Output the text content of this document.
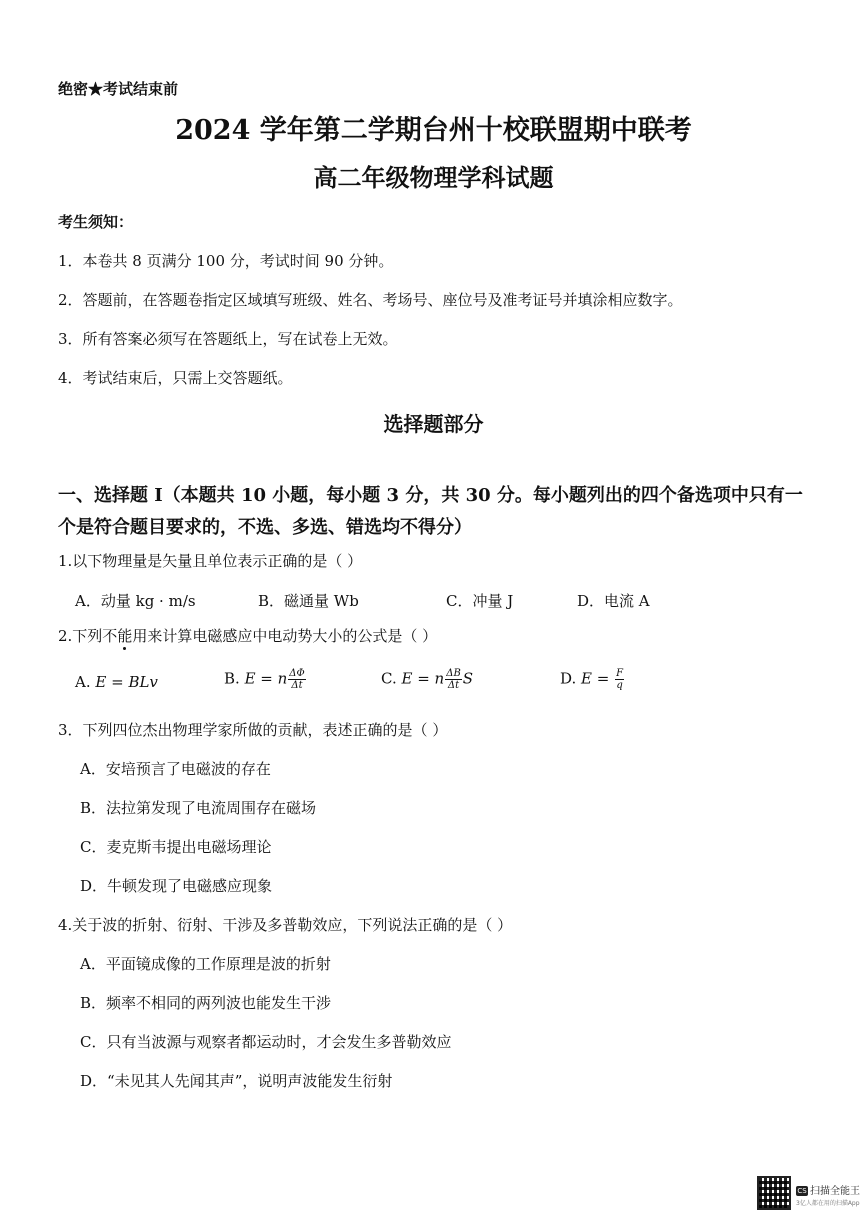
绝密★考试结束前
2024 学年第二学期台州十校联盟期中联考
高二年级物理学科试题
考生须知：
1．本卷共 8 页满分 100 分，考试时间 90 分钟。
2．答题前，在答题卷指定区域填写班级、姓名、考场号、座位号及准考证号并填涂相应数字。
3．所有答案必须写在答题纸上，写在试卷上无效。
4．考试结束后，只需上交答题纸。
选择题部分
一、选择题 I（本题共 10 小题，每小题 3 分，共 30 分。每小题列出的四个备选项中只有一个是符合题目要求的，不选、多选、错选均不得分）
1.以下物理量是矢量且单位表示正确的是（ ）
A．动量 kg · m/s	B．磁通量 Wb	C．冲量 J	D．电流 A
2.下列不能用来计算电磁感应中电动势大小的公式是（ ）
A. E = BLv	B. E = n $\frac{\Delta\Phi}{\Delta t}$	C. E = n $\frac{\Delta B}{\Delta t}$ S	D. $E = \frac{F}{q}$
3．下列四位杰出物理学家所做的贡献，表述正确的是（ ）
A．安培预言了电磁波的存在
B．法拉第发现了电流周围存在磁场
C．麦克斯韦提出电磁场理论
D．牛顿发现了电磁感应现象
4.关于波的折射、衍射、干涉及多普勒效应，下列说法正确的是（ ）
A．平面镜成像的工作原理是波的折射
B．频率不相同的两列波也能发生干涉
C．只有当波源与观察者都运动时，才会发生多普勒效应
D．“未见其人先闻其声”，说明声波能发生衍射
CS 扫描全能王
3亿人都在用的扫描App
